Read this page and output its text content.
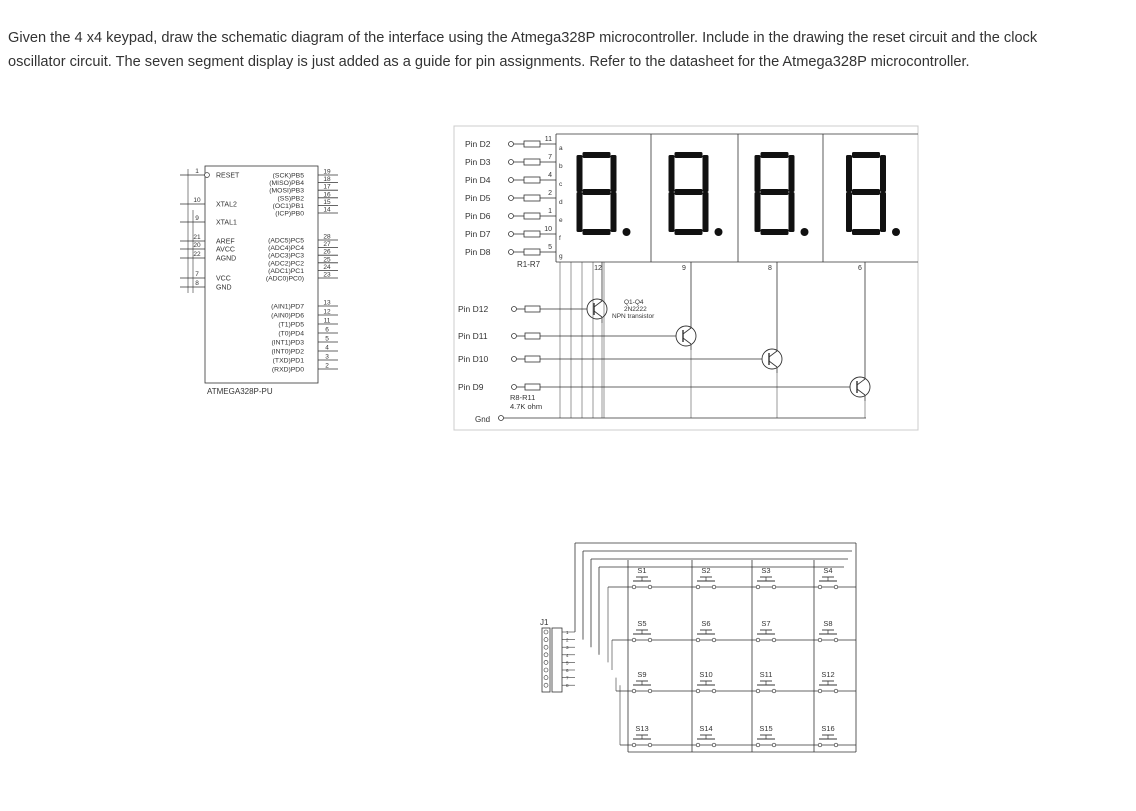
Given the 4 x4 keypad, draw the schematic diagram of the interface using the Atmega328P microcontroller. Include in the drawing the reset circuit and the clock
oscillator circuit. The seven segment display is just added as a guide for pin assignments. Refer to the datasheet for the Atmega328P microcontroller.
1
RESET
10
XTAL2
9
XTAL1
21
AREF
20
AVCC
22
AGND
7
VCC
8
GND
19
(SCK)PB5
18
(MISO)PB4
17
(MOSI)PB3
16
(SS)PB2
15
(OC1)PB1
14
(ICP)PB0
28
(ADC5)PC5
27
(ADC4)PC4
26
(ADC3)PC3
25
(ADC2)PC2
24
(ADC1)PC1
23
(ADC0)PC0)
13
(AIN1)PD7
12
(AIN0)PD6
11
(T1)PD5
6
(T0)PD4
5
(INT1)PD3
4
(INT0)PD2
3
(TXD)PD1
2
(RXD)PD0
ATMEGA328P-PU
Pin D2	11
a
Pin D3	7
b
Pin D4	4
c
Pin D5	2
d
Pin D6	1
e
Pin D7	10
f
Pin D8	5
g
R1-R7	12	9	8	6
Pin D12
Pin D11
Pin D10
Pin D9
R8-R11
4.7K ohm
Gnd
Q1-Q4
2N2222
NPN transistor
J1
1
2
3
4
5
6
7
8
S1	S2	S3	S4
S5	S6	S7	S8
S9	S10	S11	S12
S13	S14	S15	S16
